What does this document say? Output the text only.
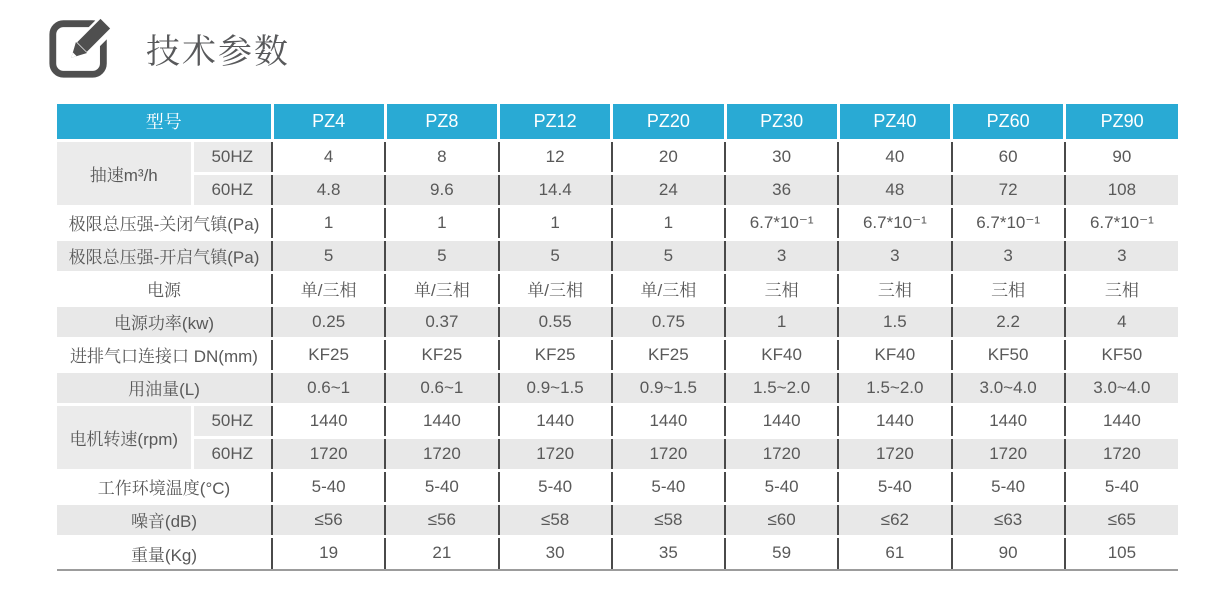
技术参数
型号		PZ4	PZ8	PZ12	PZ20	PZ30	PZ40	PZ60	PZ90
抽速m³/h	50HZ	4	8	12	20	30	40	60	90
	60HZ	4.8	9.6	14.4	24	36	48	72	108
极限总压强-关闭气镇(Pa)		1	1	1	1	6.7*10⁻¹	6.7*10⁻¹	6.7*10⁻¹	6.7*10⁻¹
极限总压强-开启气镇(Pa)		5	5	5	5	3	3	3	3
电源		单/三相	单/三相	单/三相	单/三相	三相	三相	三相	三相
电源功率(kw)		0.25	0.37	0.55	0.75	1	1.5	2.2	4
进排气口连接口 DN(mm)		KF25	KF25	KF25	KF25	KF40	KF40	KF50	KF50
用油量(L)		0.6~1	0.6~1	0.9~1.5	0.9~1.5	1.5~2.0	1.5~2.0	3.0~4.0	3.0~4.0
电机转速(rpm)	50HZ	1440	1440	1440	1440	1440	1440	1440	1440
	60HZ	1720	1720	1720	1720	1720	1720	1720	1720
工作环境温度(°C)		5-40	5-40	5-40	5-40	5-40	5-40	5-40	5-40
噪音(dB)		≤56	≤56	≤58	≤58	≤60	≤62	≤63	≤65
重量(Kg)		19	21	30	35	59	61	90	105
